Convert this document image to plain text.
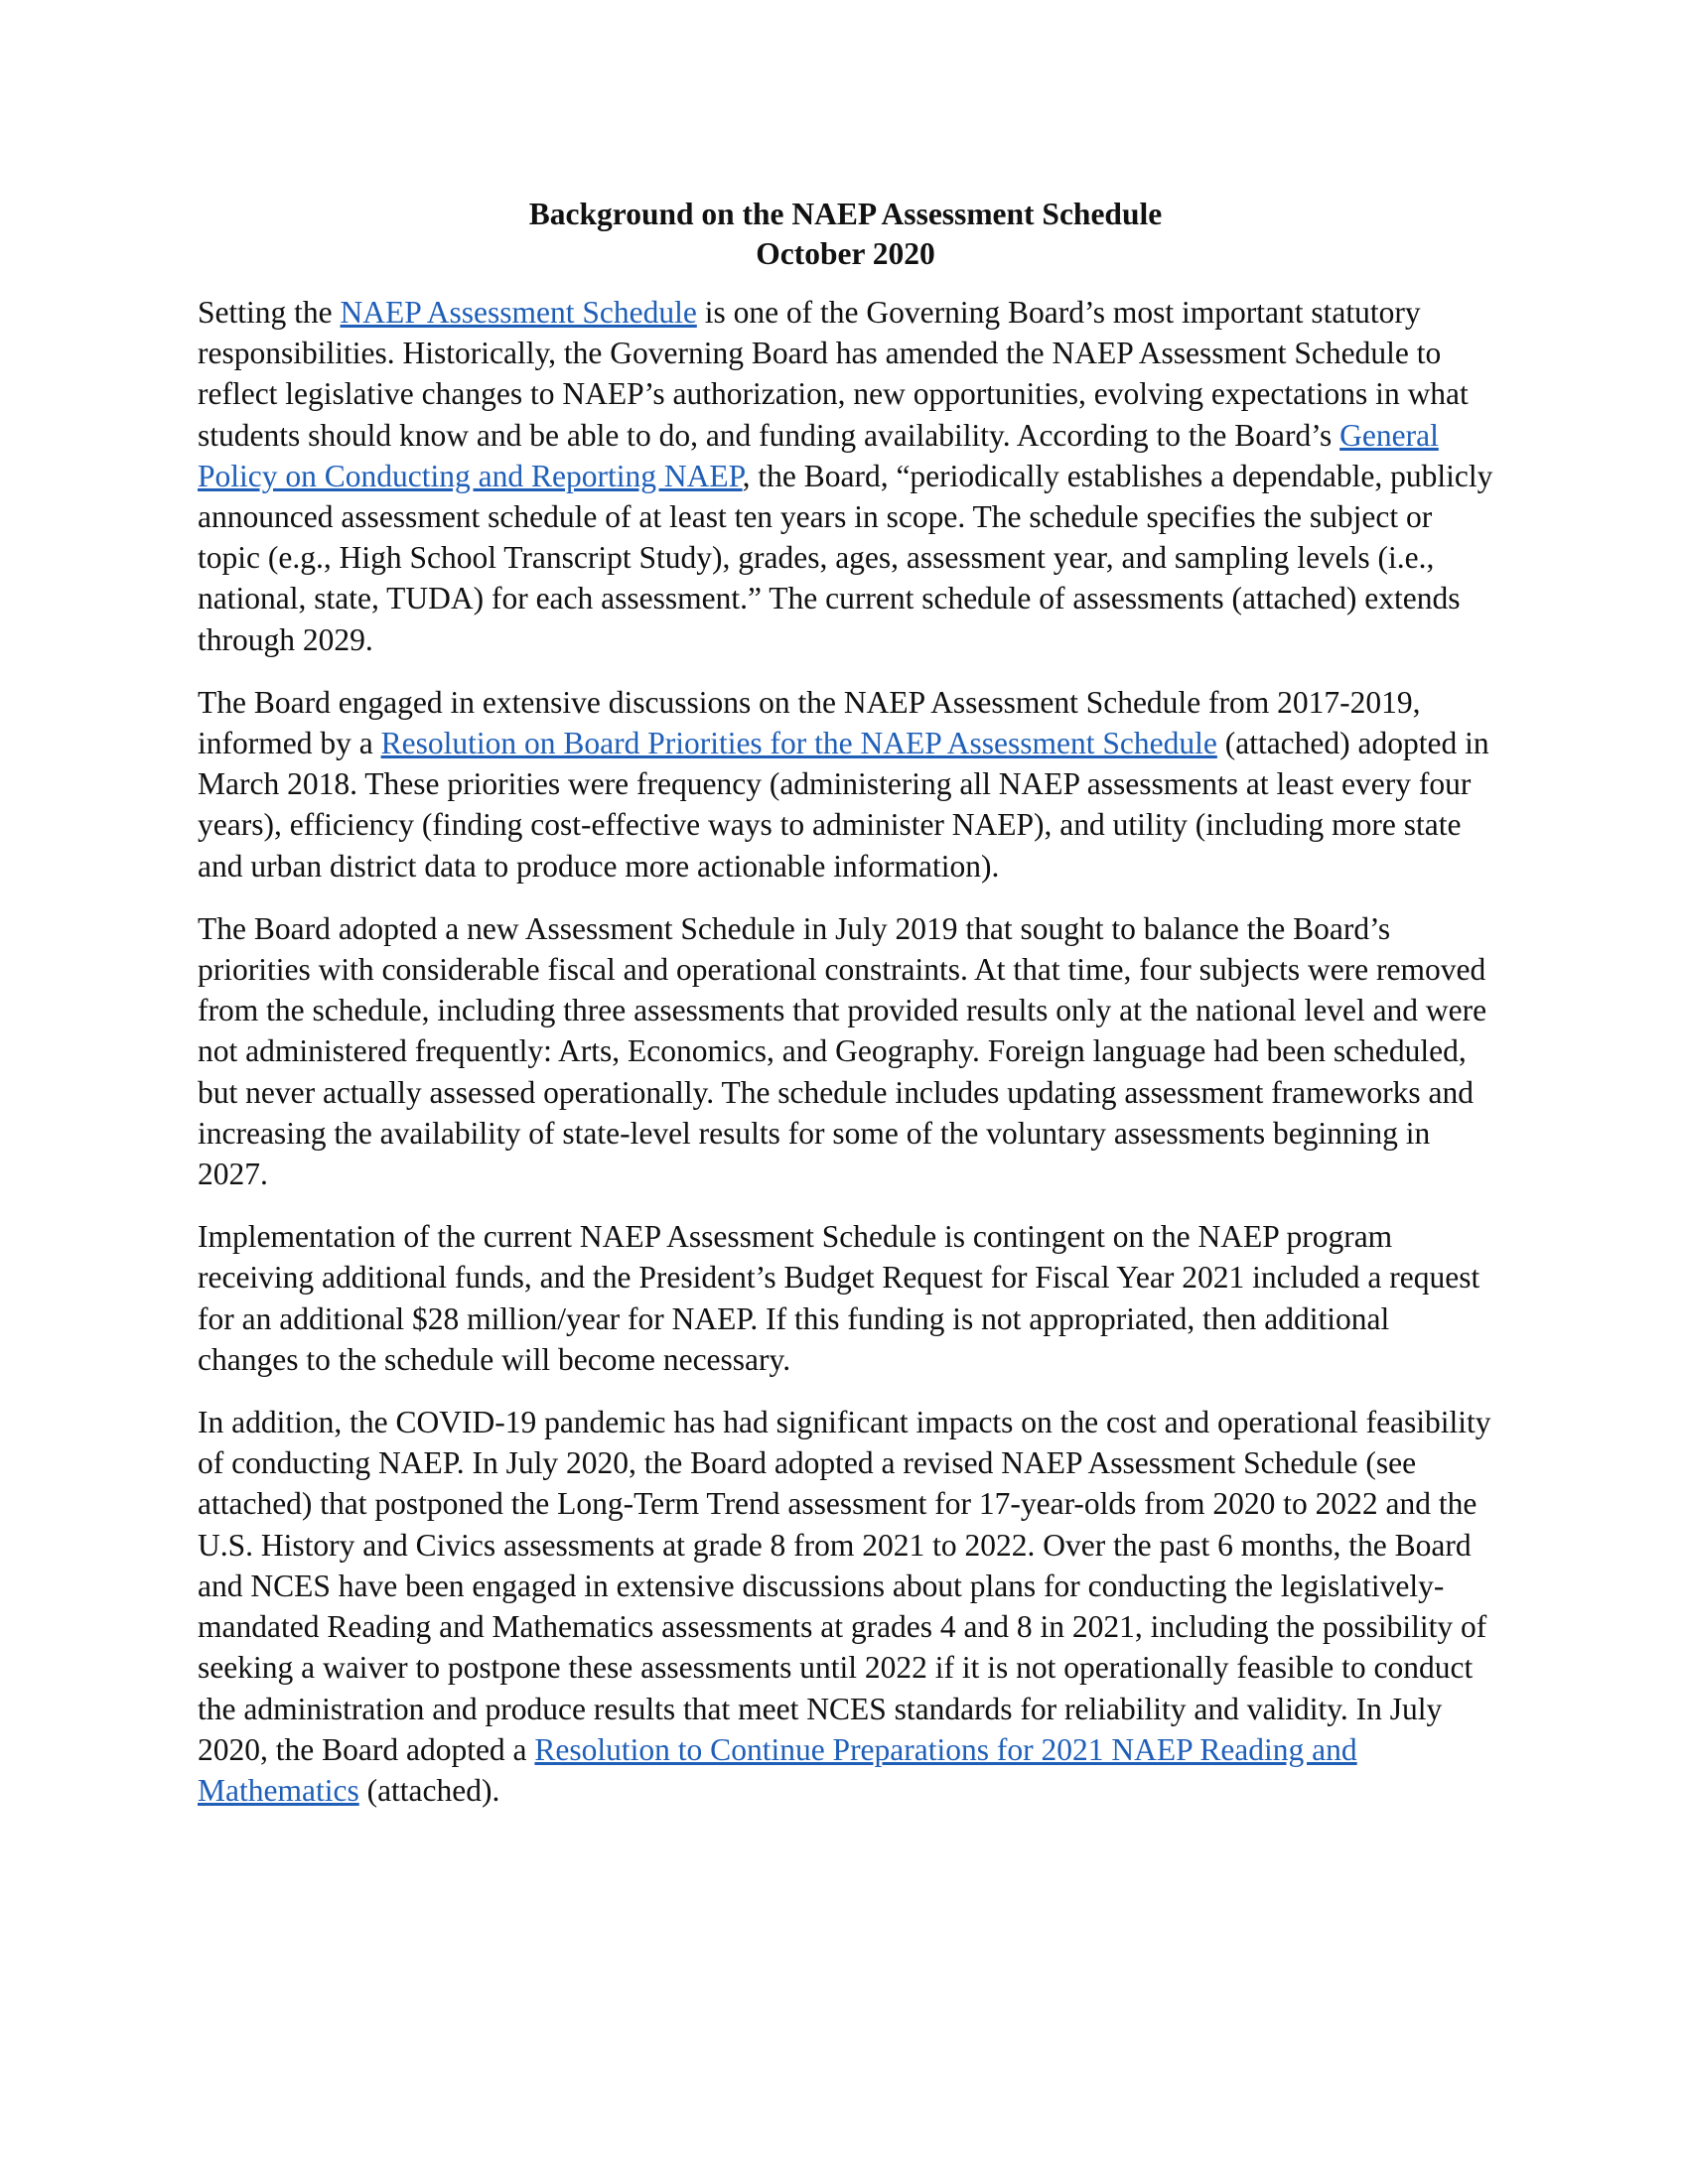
Background on the NAEP Assessment Schedule
October 2020

Setting the NAEP Assessment Schedule is one of the Governing Board’s most important statutory responsibilities. Historically, the Governing Board has amended the NAEP Assessment Schedule to reflect legislative changes to NAEP’s authorization, new opportunities, evolving expectations in what students should know and be able to do, and funding availability. According to the Board’s General Policy on Conducting and Reporting NAEP, the Board, “periodically establishes a dependable, publicly announced assessment schedule of at least ten years in scope. The schedule specifies the subject or topic (e.g., High School Transcript Study), grades, ages, assessment year, and sampling levels (i.e., national, state, TUDA) for each assessment.” The current schedule of assessments (attached) extends through 2029.

The Board engaged in extensive discussions on the NAEP Assessment Schedule from 2017-2019, informed by a Resolution on Board Priorities for the NAEP Assessment Schedule (attached) adopted in March 2018. These priorities were frequency (administering all NAEP assessments at least every four years), efficiency (finding cost-effective ways to administer NAEP), and utility (including more state and urban district data to produce more actionable information).

The Board adopted a new Assessment Schedule in July 2019 that sought to balance the Board’s priorities with considerable fiscal and operational constraints. At that time, four subjects were removed from the schedule, including three assessments that provided results only at the national level and were not administered frequently: Arts, Economics, and Geography. Foreign language had been scheduled, but never actually assessed operationally. The schedule includes updating assessment frameworks and increasing the availability of state-level results for some of the voluntary assessments beginning in 2027.

Implementation of the current NAEP Assessment Schedule is contingent on the NAEP program receiving additional funds, and the President’s Budget Request for Fiscal Year 2021 included a request for an additional $28 million/year for NAEP. If this funding is not appropriated, then additional changes to the schedule will become necessary.

In addition, the COVID-19 pandemic has had significant impacts on the cost and operational feasibility of conducting NAEP. In July 2020, the Board adopted a revised NAEP Assessment Schedule (see attached) that postponed the Long-Term Trend assessment for 17-year-olds from 2020 to 2022 and the U.S. History and Civics assessments at grade 8 from 2021 to 2022. Over the past 6 months, the Board and NCES have been engaged in extensive discussions about plans for conducting the legislatively-mandated Reading and Mathematics assessments at grades 4 and 8 in 2021, including the possibility of seeking a waiver to postpone these assessments until 2022 if it is not operationally feasible to conduct the administration and produce results that meet NCES standards for reliability and validity. In July 2020, the Board adopted a Resolution to Continue Preparations for 2021 NAEP Reading and Mathematics (attached).
